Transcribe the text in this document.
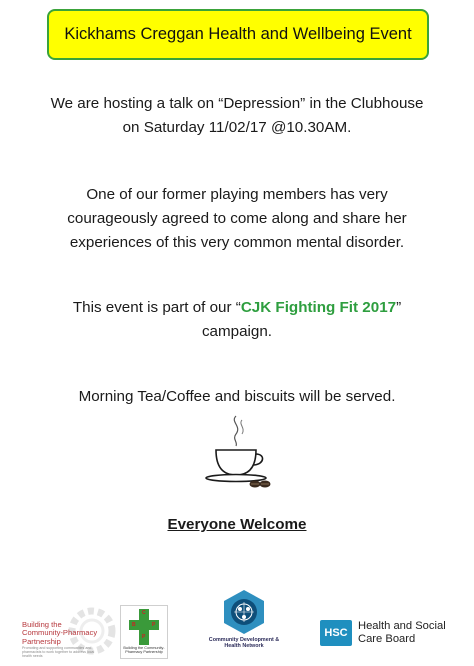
Kickhams Creggan Health and Wellbeing Event

We are hosting a talk on “Depression” in the Clubhouse
on Saturday 11/02/17 @10.30AM.

One of our former playing members has very
courageously agreed to come along and share her
experiences of this very common mental disorder.

This event is part of our “CJK Fighting Fit 2017”
campaign.

Morning Tea/Coffee and biscuits will be served.

Everyone Welcome
Building the Community-Pharmacy Partnership
Promoting and supporting communities and pharmacists to work together to address local health needs
B
C
P
P
Building the Community-Pharmacy Partnership
Community Development & Health Network
HSC
Health and Social Care Board
